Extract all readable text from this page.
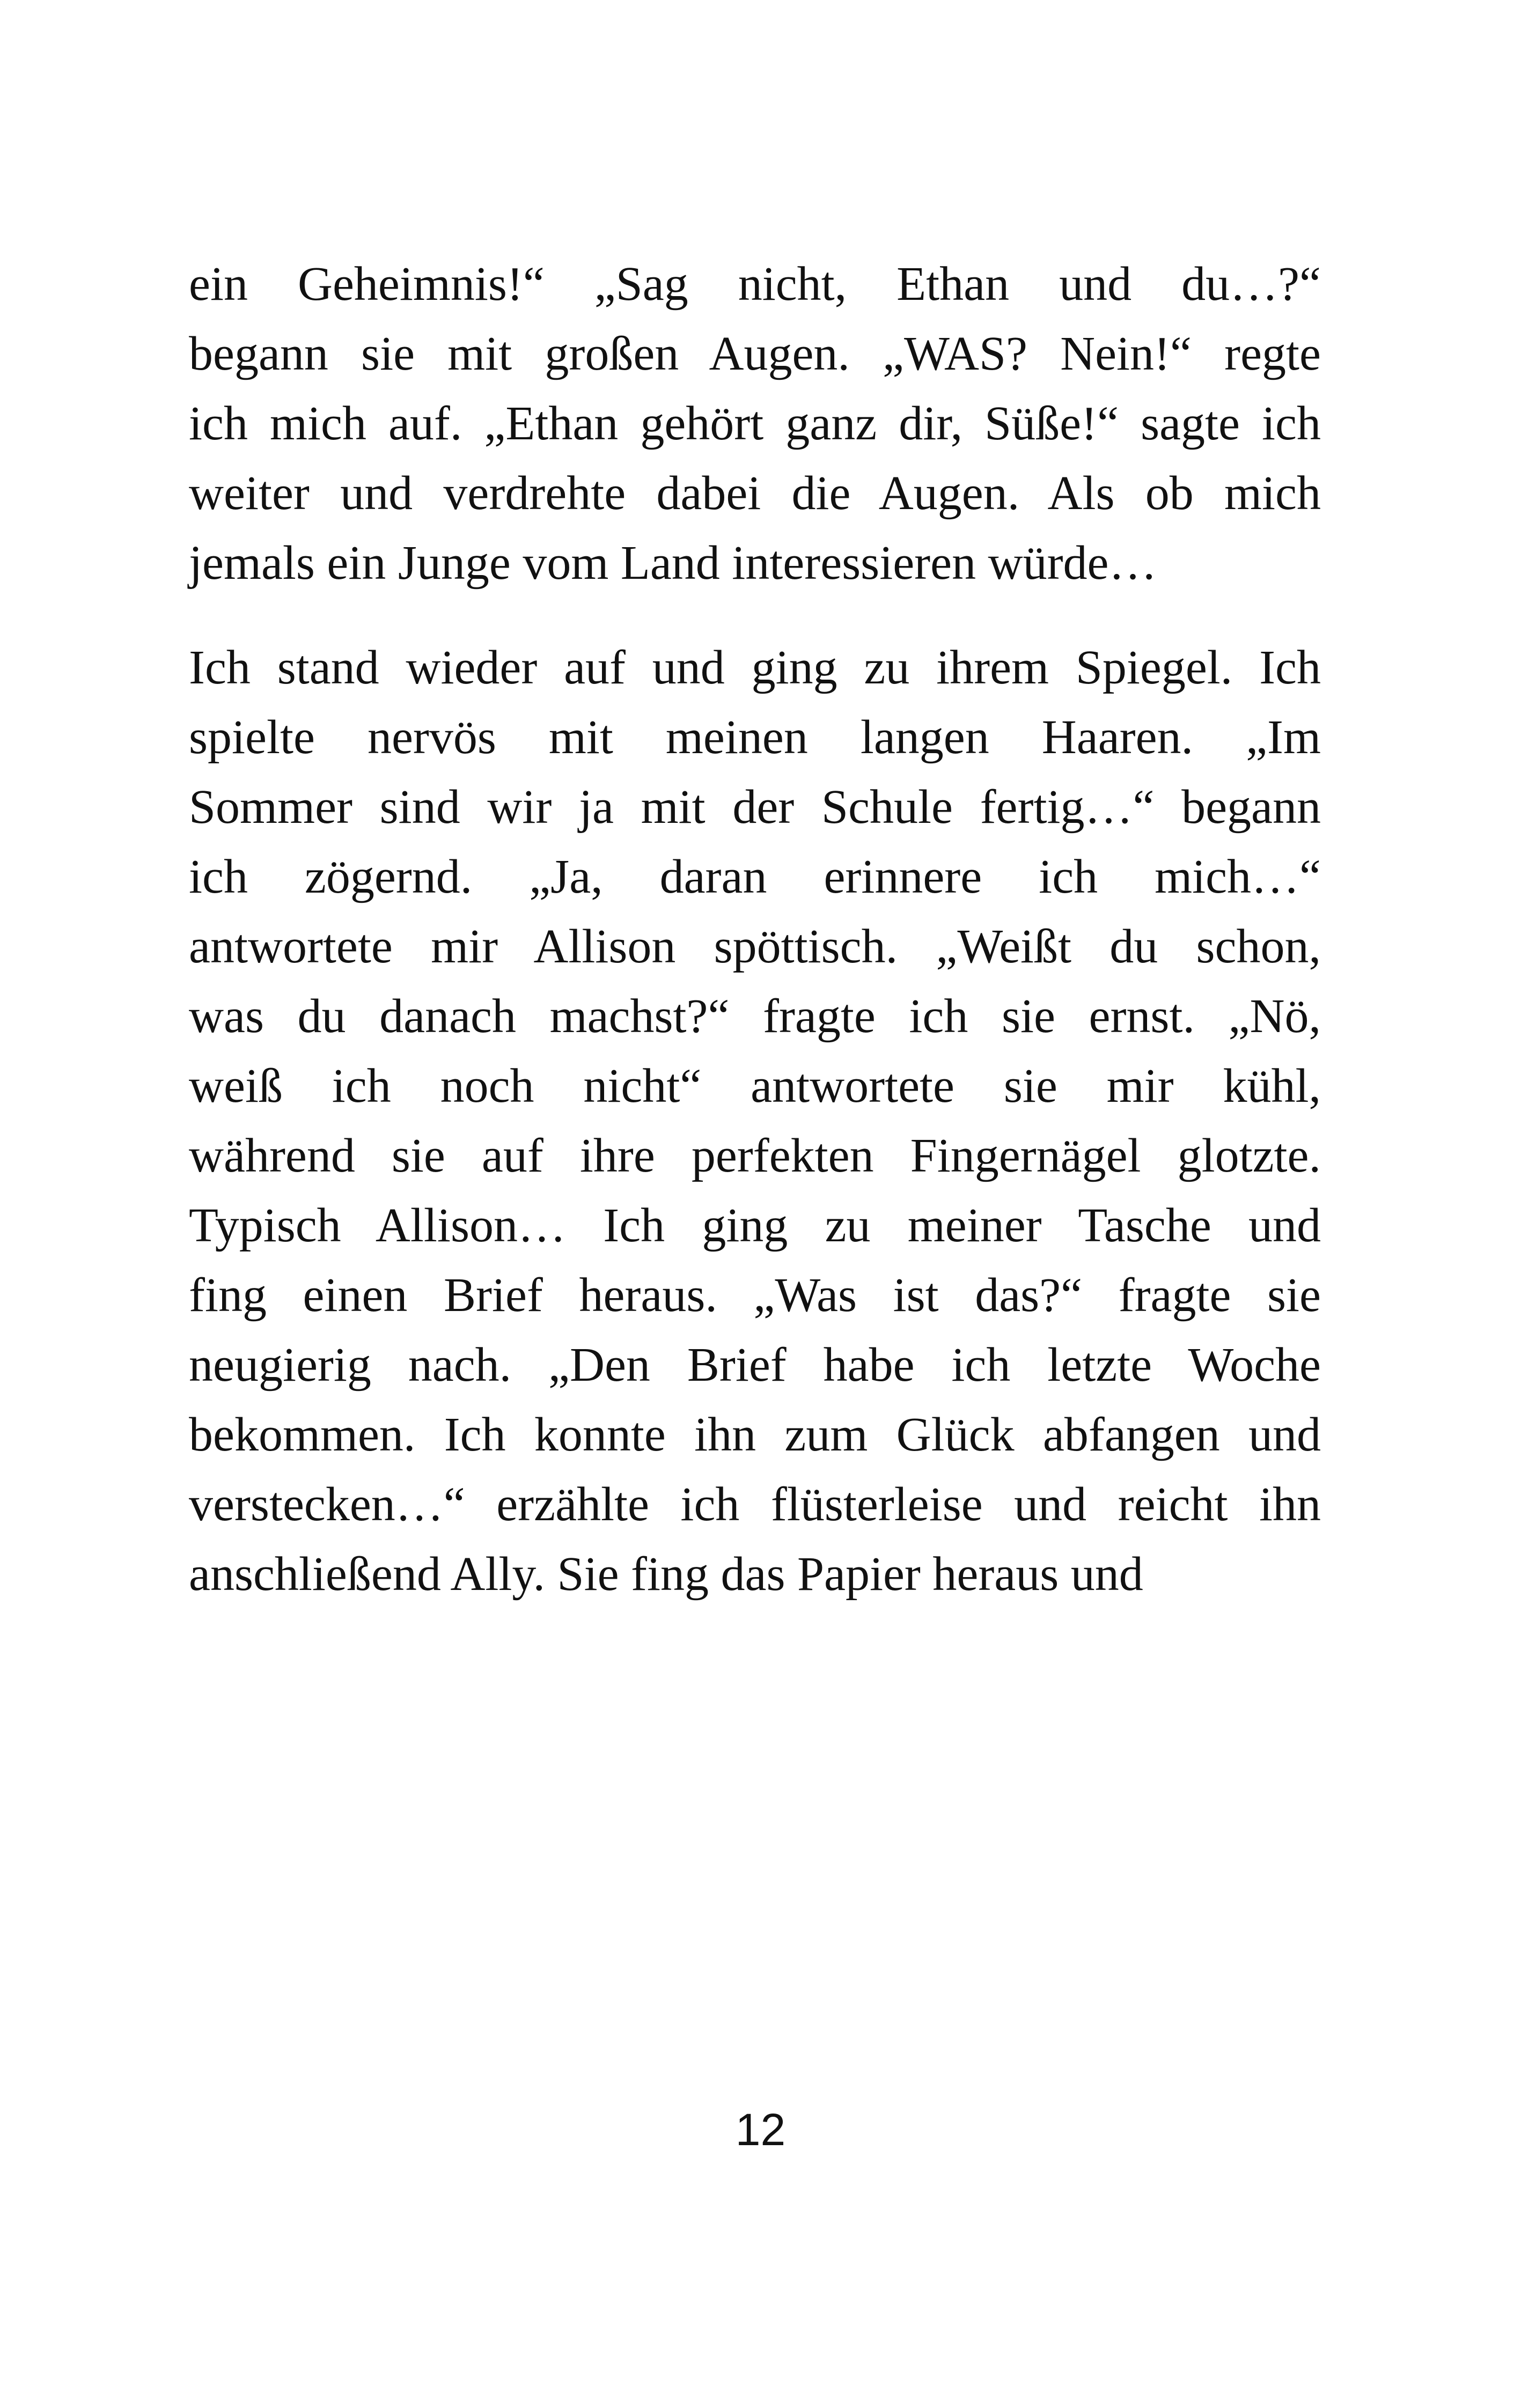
ein Geheimnis!“ „Sag nicht, Ethan und du…?“
begann sie mit großen Augen. „WAS? Nein!“ regte
ich mich auf. „Ethan gehört ganz dir, Süße!“ sagte ich
weiter und verdrehte dabei die Augen. Als ob mich
jemals ein Junge vom Land interessieren würde…

Ich stand wieder auf und ging zu ihrem Spiegel. Ich
spielte nervös mit meinen langen Haaren. „Im
Sommer sind wir ja mit der Schule fertig…“ begann
ich zögernd. „Ja, daran erinnere ich mich…“
antwortete mir Allison spöttisch. „Weißt du schon,
was du danach machst?“ fragte ich sie ernst. „Nö,
weiß ich noch nicht“ antwortete sie mir kühl,
während sie auf ihre perfekten Fingernägel glotzte.
Typisch Allison… Ich ging zu meiner Tasche und
fing einen Brief heraus. „Was ist das?“ fragte sie
neugierig nach. „Den Brief habe ich letzte Woche
bekommen. Ich konnte ihn zum Glück abfangen und
verstecken…“ erzählte ich flüsterleise und reicht ihn
anschließend Ally. Sie fing das Papier heraus und

12
